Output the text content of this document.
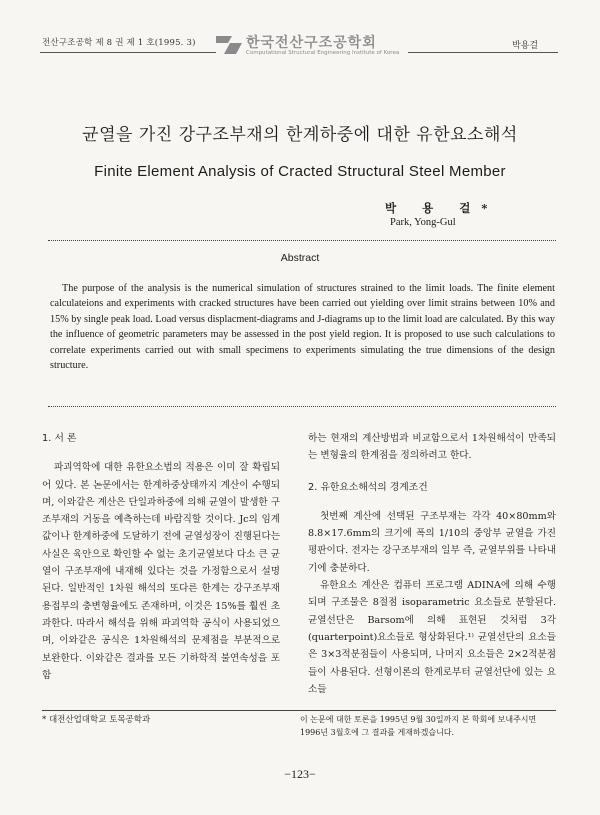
전산구조공학 제 8 권 제 1 호(1995. 3)	한국전산구조공학회
Computational Structural Engineering Institute of Korea
박용걸
균열을 가진 강구조부재의 한계하중에 대한 유한요소해석
Finite Element Analysis of Cracted Structural Steel Member
박 용 걸*
Park, Yong-Gul
Abstract

The purpose of the analysis is the numerical simulation of structures strained to the limit loads. The finite element calculateions and experiments with cracked structures have been carried out yielding over limit strains between 10% and 15% by single peak load. Load versus displacment-diagrams and J-diagrams up to the limit load are calculated. By this way the influence of geometric parameters may be assessed in the post yield region. It is proposed to use such calculations to correlate experiments carried out with small specimens to experiments simulating the true dimensions of the design structure.

1. 서 론

파괴역학에 대한 유한요소법의 적용은 이미 잘 확립되어 있다. 본 논문에서는 한계하중상태까지 계산이 수행되며, 이와같은 계산은 단일과하중에 의해 균열이 발생한 구조부재의 거동을 예측하는데 바람직할 것이다. Jc의 임계값이나 한계하중에 도달하기 전에 균열성장이 진행된다는 사실은 육안으로 확인할 수 없는 초기균열보다 다소 큰 균열이 구조부재에 내재해 있다는 것을 가정함으로서 설명된다. 일반적인 1차원 해석의 또다른 한계는 강구조부재 용접부의 충변형율에도 존재하며, 이것은 15%를 훨씬 초과한다. 따라서 해석을 위해 파괴역학 공식이 사용되었으며, 이와같은 공식은 1차원해석의 문제점을 부분적으로 보완한다. 이와같은 결과를 모든 기하학적 불연속성을 포함

하는 현재의 계산방법과 비교함으로서 1차원해석이 만족되는 변형율의 한계점을 정의하려고 한다.

2. 유한요소해석의 경계조건

첫번째 계산에 선택된 구조부재는 각각 40×80mm와 8.8×17.6mm의 크기에 폭의 1/10의 중앙부 균열을 가진 평판이다. 전자는 강구조부재의 일부 즉, 균열부위를 나타내기에 충분하다.

유한요소 계산은 컴퓨터 프로그램 ADINA에 의해 수행되며 구조물은 8절점 isoparametric 요소들로 분할된다. 균열선단은 Barsom에 의해 표현된 것처럼 3각(quarterpoint)요소들로 형상화된다.¹⁾ 균열선단의 요소들은 3×3적분점들이 사용되며, 나머지 요소들은 2×2적분점들이 사용된다. 선형이론의 한계로부터 균열선단에 있는 요소들

* 대전산업대학교 토목공학과	이 논문에 대한 토론을 1995년 9월 30일까지 본 학회에 보내주시면 1996년 3월호에 그 결과를 게재하겠습니다.
−123−
